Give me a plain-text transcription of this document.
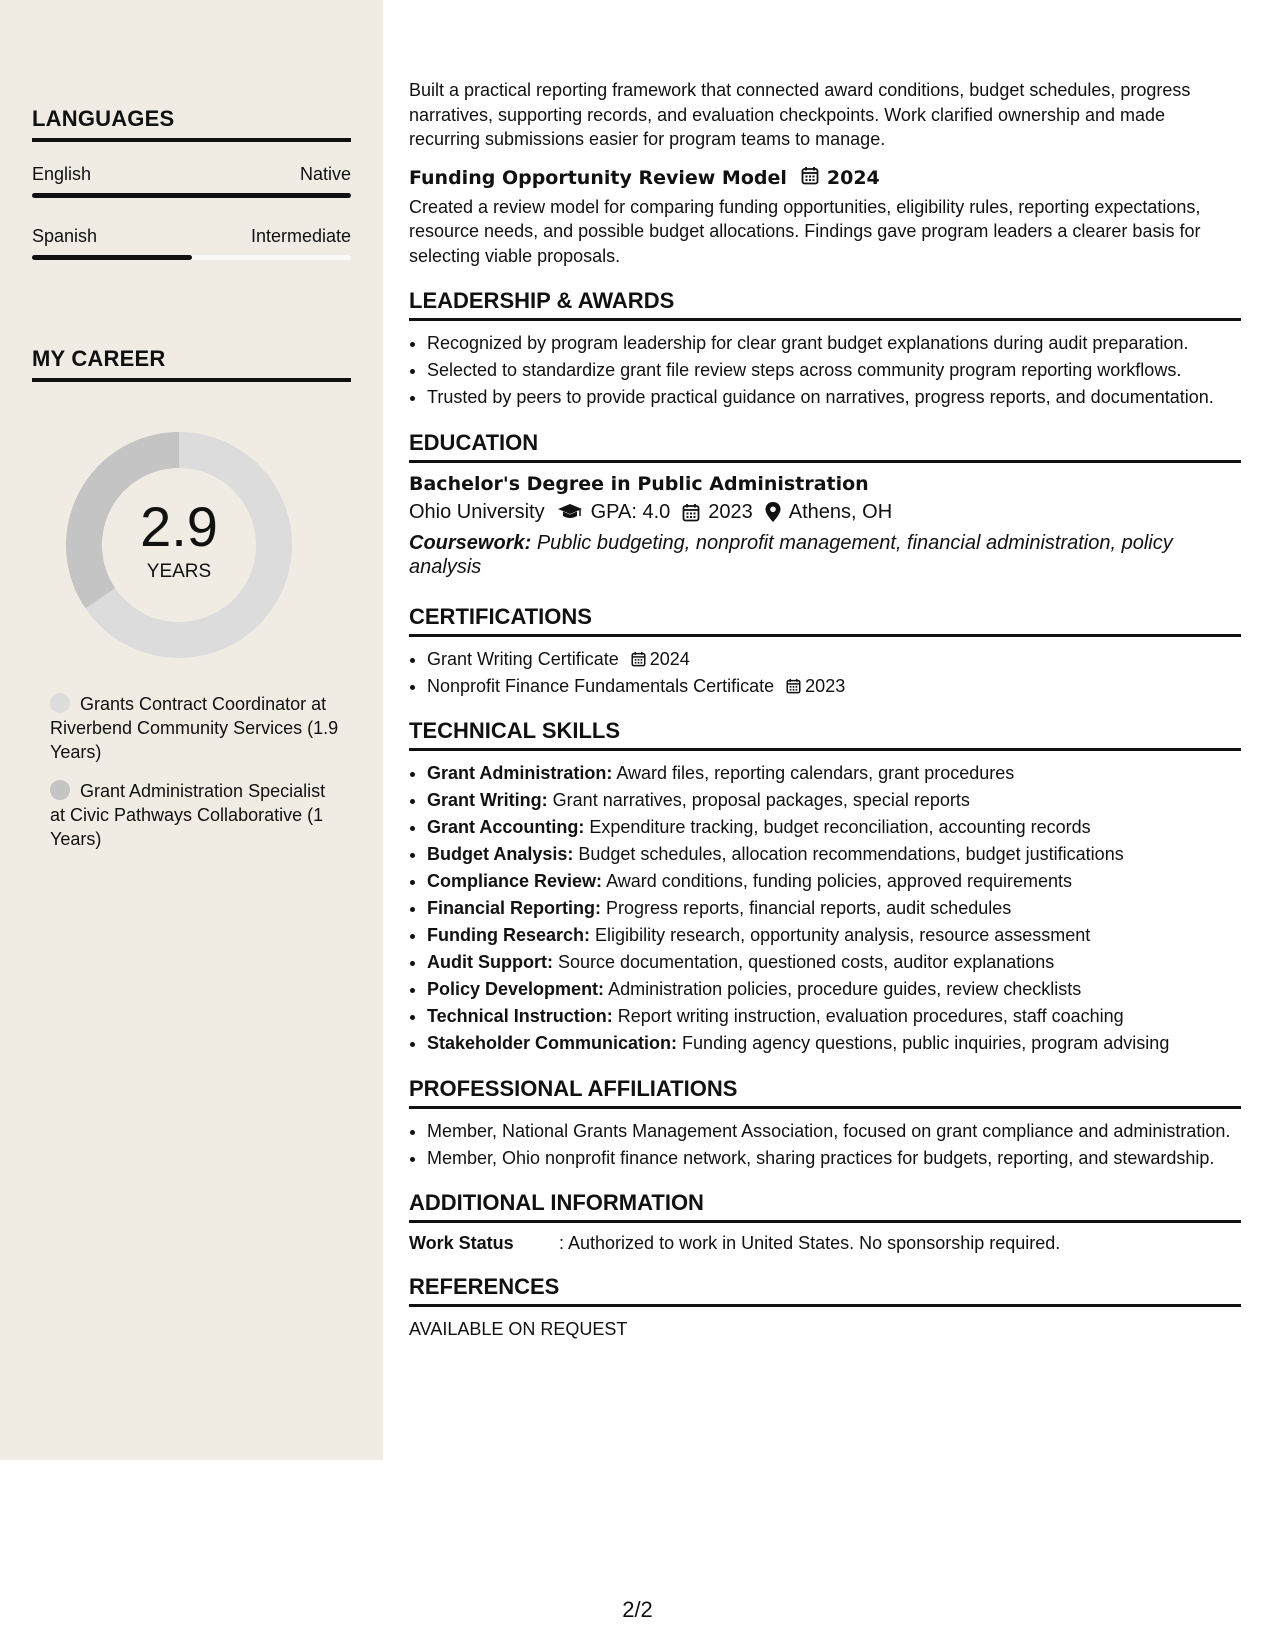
LANGUAGES
English	Native
Spanish	Intermediate
MY CAREER
2.9
YEARS
Grants Contract Coordinator at Riverbend Community Services (1.9 Years)
Grant Administration Specialist at Civic Pathways Collaborative (1 Years)

Built a practical reporting framework that connected award conditions, budget schedules, progress narratives, supporting records, and evaluation checkpoints. Work clarified ownership and made recurring submissions easier for program teams to manage.

Funding Opportunity Review Model 2024

Created a review model for comparing funding opportunities, eligibility rules, reporting expectations, resource needs, and possible budget allocations. Findings gave program leaders a clearer basis for selecting viable proposals.

LEADERSHIP & AWARDS
• Recognized by program leadership for clear grant budget explanations during audit preparation.
• Selected to standardize grant file review steps across community program reporting workflows.
• Trusted by peers to provide practical guidance on narratives, progress reports, and documentation.
EDUCATION
Bachelor's Degree in Public Administration
Ohio University GPA: 4.0 2023 Athens, OH

Coursework: Public budgeting, nonprofit management, financial administration, policy analysis

CERTIFICATIONS
• Grant Writing Certificate 2024
• Nonprofit Finance Fundamentals Certificate 2023
TECHNICAL SKILLS
• Grant Administration: Award files, reporting calendars, grant procedures
• Grant Writing: Grant narratives, proposal packages, special reports
• Grant Accounting: Expenditure tracking, budget reconciliation, accounting records
• Budget Analysis: Budget schedules, allocation recommendations, budget justifications
• Compliance Review: Award conditions, funding policies, approved requirements
• Financial Reporting: Progress reports, financial reports, audit schedules
• Funding Research: Eligibility research, opportunity analysis, resource assessment
• Audit Support: Source documentation, questioned costs, auditor explanations
• Policy Development: Administration policies, procedure guides, review checklists
• Technical Instruction: Report writing instruction, evaluation procedures, staff coaching
• Stakeholder Communication: Funding agency questions, public inquiries, program advising
PROFESSIONAL AFFILIATIONS
• Member, National Grants Management Association, focused on grant compliance and administration.
• Member, Ohio nonprofit finance network, sharing practices for budgets, reporting, and stewardship.
ADDITIONAL INFORMATION
Work Status	: Authorized to work in United States. No sponsorship required.
REFERENCES

AVAILABLE ON REQUEST

2/2
